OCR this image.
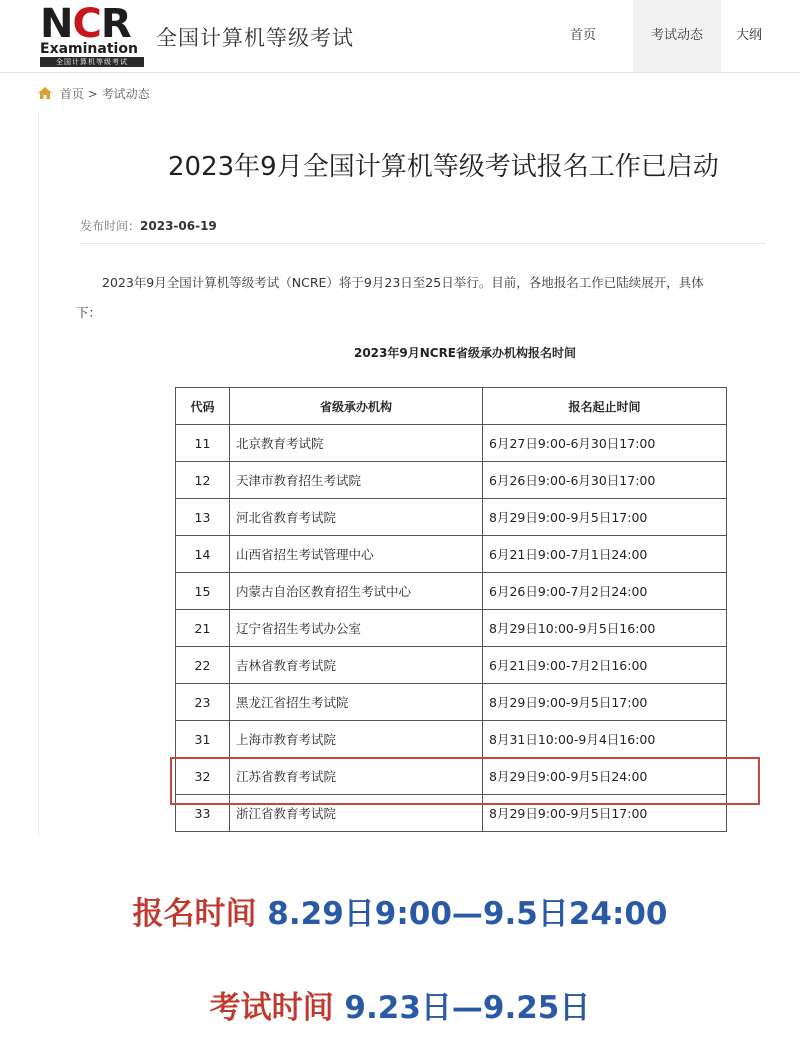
NCR
Examination
全国计算机等级考试
全国计算机等级考试	首页	考试动态	大纲
首页 > 考试动态
2023年9月全国计算机等级考试报名工作已启动
发布时间：2023-06-19
2023年9月全国计算机等级考试（NCRE）将于9月23日至25日举行。目前，各地报名工作已陆续展开，具体
下：
2023年9月NCRE省级承办机构报名时间
代码	省级承办机构	报名起止时间
11	北京教育考试院	6月27日9:00-6月30日17:00
12	天津市教育招生考试院	6月26日9:00-6月30日17:00
13	河北省教育考试院	8月29日9:00-9月5日17:00
14	山西省招生考试管理中心	6月21日9:00-7月1日24:00
15	内蒙古自治区教育招生考试中心	6月26日9:00-7月2日24:00
21	辽宁省招生考试办公室	8月29日10:00-9月5日16:00
22	吉林省教育考试院	6月21日9:00-7月2日16:00
23	黑龙江省招生考试院	8月29日9:00-9月5日17:00
31	上海市教育考试院	8月31日10:00-9月4日16:00
32	江苏省教育考试院	8月29日9:00-9月5日24:00
33	浙江省教育考试院	8月29日9:00-9月5日17:00
报名时间 8.29日9:00—9.5日24:00
考试时间 9.23日—9.25日
